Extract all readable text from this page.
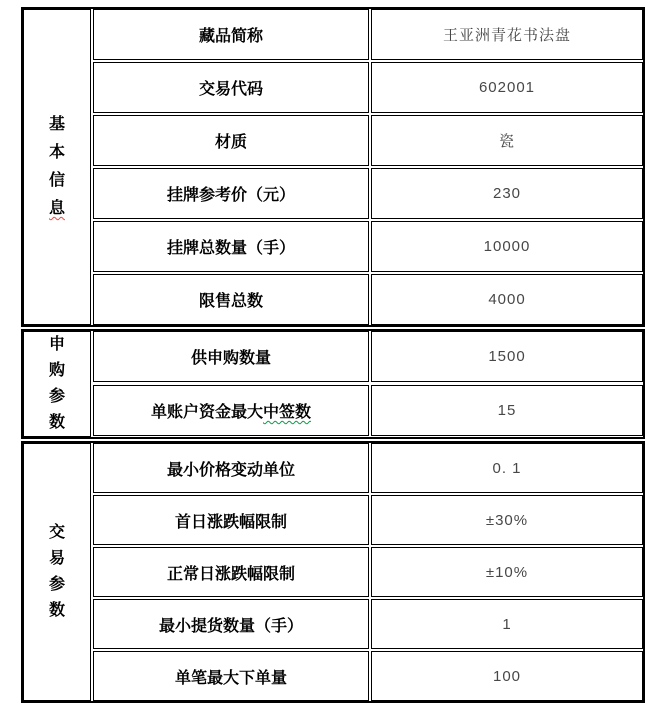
基
本
信
息
藏品简称	王亚洲青花书法盘
交易代码	602001
材质	瓷
挂牌参考价（元）	230
挂牌总数量（手）	10000
限售总数	4000
申
购
参
数
供申购数量	1500
单账户资金最大 中签数	15
交
易
参
数
最小价格变动单位	0. 1
首日涨跌幅限制	±30%
正常日涨跌幅限制	±10%
最小提货数量（手）	1
单笔最大下单量	100
